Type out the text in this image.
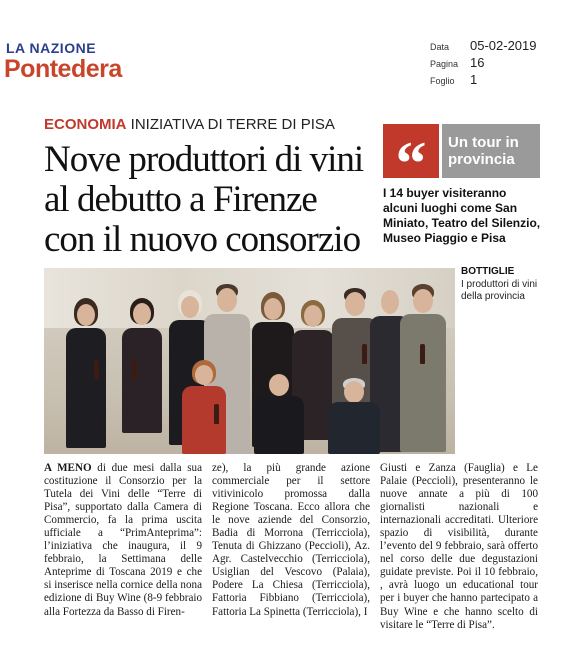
LA NAZIONE
Pontedera
Data 05-02-2019
Pagina 16
Foglio 1
ECONOMIA INIZIATIVA DI TERRE DI PISA
Nove produttori di vini al debutto a Firenze con il nuovo consorzio
“	Un tour in provincia
I 14 buyer visiteranno alcuni luoghi come San Miniato, Teatro del Silenzio, Museo Piaggio e Pisa
BOTTIGLIE
I produttori di vini della provincia

A MENO di due mesi dalla sua costituzione il Consorzio per la Tutela dei Vini delle “Terre di Pisa”, supportato dalla Camera di Commercio, fa la prima uscita ufficiale a “PrimAnteprima”: l’iniziativa che inaugura, il 9 febbraio, la Settimana delle Anteprime di Toscana 2019 e che si inserisce nella cornice della nona edizione di Buy Wine (8-9 febbraio alla Fortezza da Basso di Firen-

ze), la più grande azione commerciale per il settore vitivinicolo promossa dalla Regione Toscana. Ecco allora che le nove aziende del Consorzio, Badia di Morrona (Terricciola), Tenuta di Ghizzano (Peccioli), Az. Agr. Castelvecchio (Terricciola), Usiglian del Vescovo (Palaia), Podere La Chiesa (Terricciola), Fattoria Fibbiano (Terricciola), Fattoria La Spinetta (Terricciola), I

Giusti e Zanza (Fauglia) e Le Palaie (Peccioli), presenteranno le nuove annate a più di 100 giornalisti nazionali e internazionali accreditati. Ulteriore spazio di visibilità, durante l’evento del 9 febbraio, sarà offerto nel corso delle due degustazioni guidate previste. Poi il 10 febbraio, , avrà luogo un educational tour per i buyer che hanno partecipato a Buy Wine e che hanno scelto di visitare le “Terre di Pisa”.
